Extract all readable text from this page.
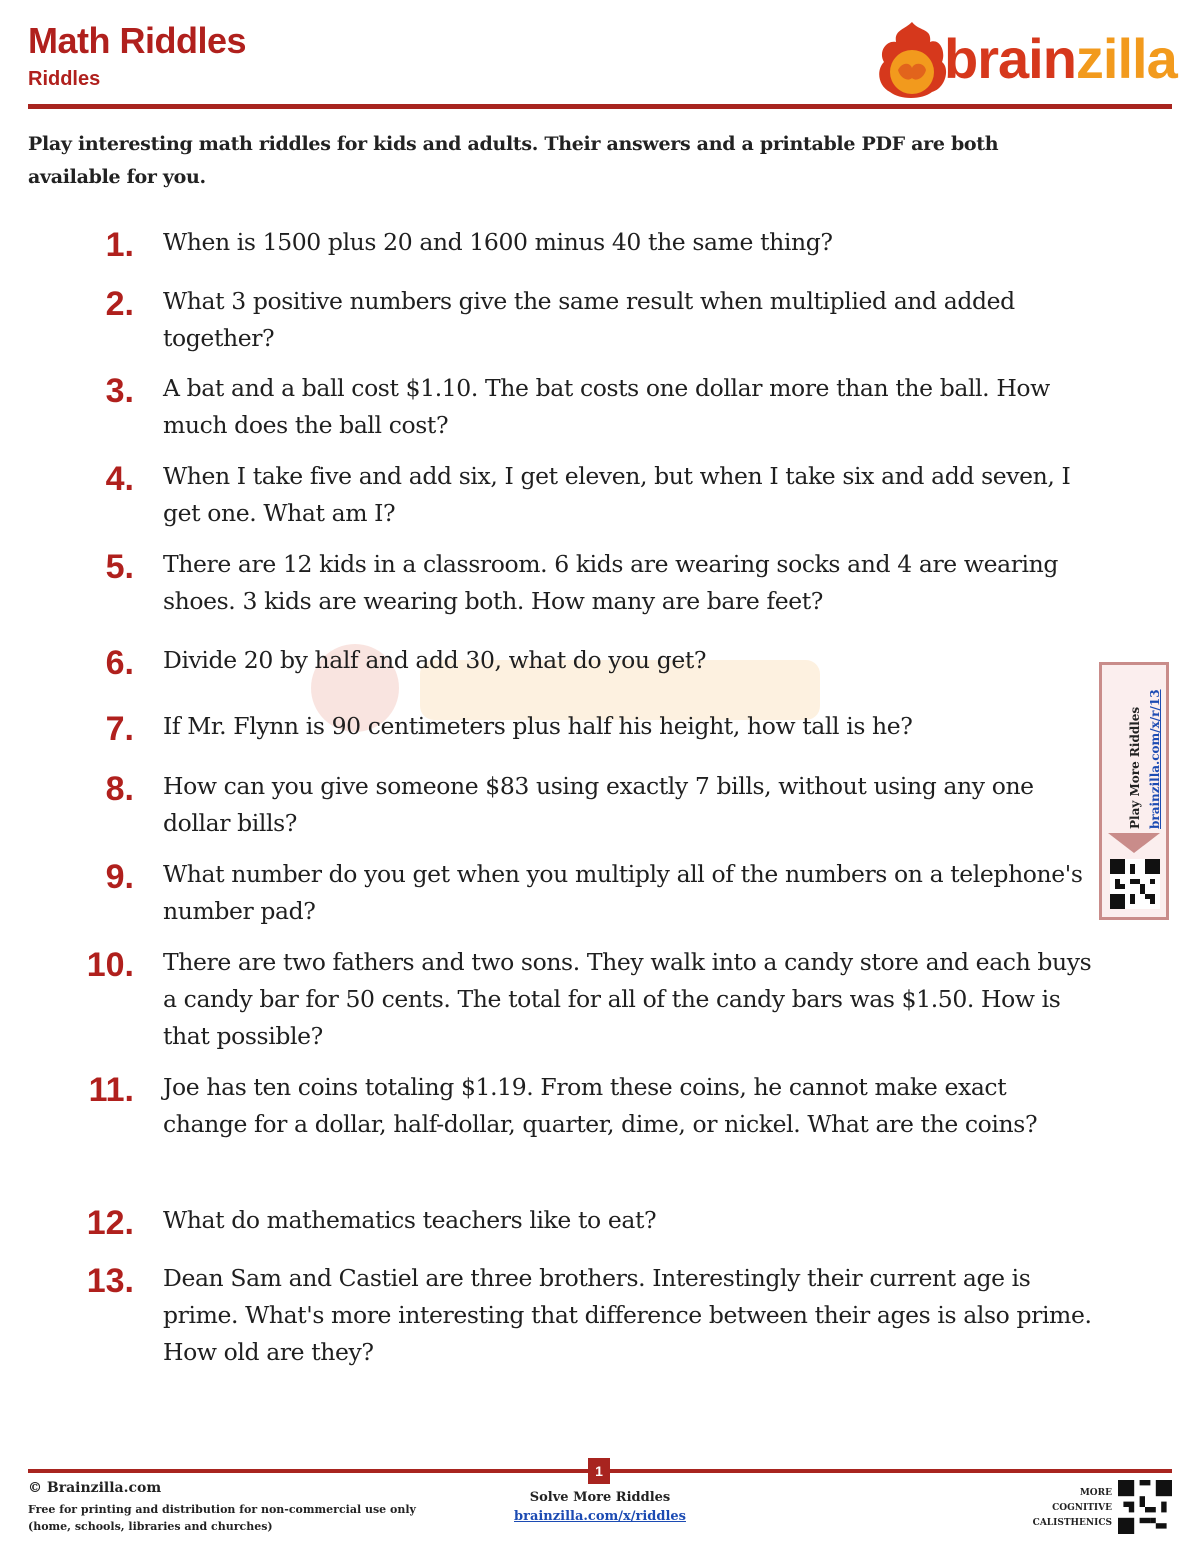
Math Riddles
Riddles	brainzilla
Play interesting math riddles for kids and adults. Their answers and a printable PDF are both available for you.
1. When is 1500 plus 20 and 1600 minus 40 the same thing?
2. What 3 positive numbers give the same result when multiplied and added together?
3. A bat and a ball cost $1.10. The bat costs one dollar more than the ball. How much does the ball cost?
4. When I take five and add six, I get eleven, but when I take six and add seven, I get one. What am I?
5. There are 12 kids in a classroom. 6 kids are wearing socks and 4 are wearing shoes. 3 kids are wearing both. How many are bare feet?
6. Divide 20 by half and add 30, what do you get?
7. If Mr. Flynn is 90 centimeters plus half his height, how tall is he?
8. How can you give someone $83 using exactly 7 bills, without using any one dollar bills?
9. What number do you get when you multiply all of the numbers on a telephone's number pad?
10. There are two fathers and two sons. They walk into a candy store and each buys a candy bar for 50 cents. The total for all of the candy bars was $1.50. How is that possible?
11. Joe has ten coins totaling $1.19. From these coins, he cannot make exact change for a dollar, half-dollar, quarter, dime, or nickel. What are the coins?
12. What do mathematics teachers like to eat?
13. Dean Sam and Castiel are three brothers. Interestingly their current age is prime. What's more interesting that difference between their ages is also prime. How old are they?
Play More Riddles brainzilla.com/x/r/13
1
© Brainzilla.com
Free for printing and distribution for non-commercial use only (home, schools, libraries and churches)
Solve More Riddles
brainzilla.com/x/riddles
MORE
COGNITIVE
CALISTHENICS
